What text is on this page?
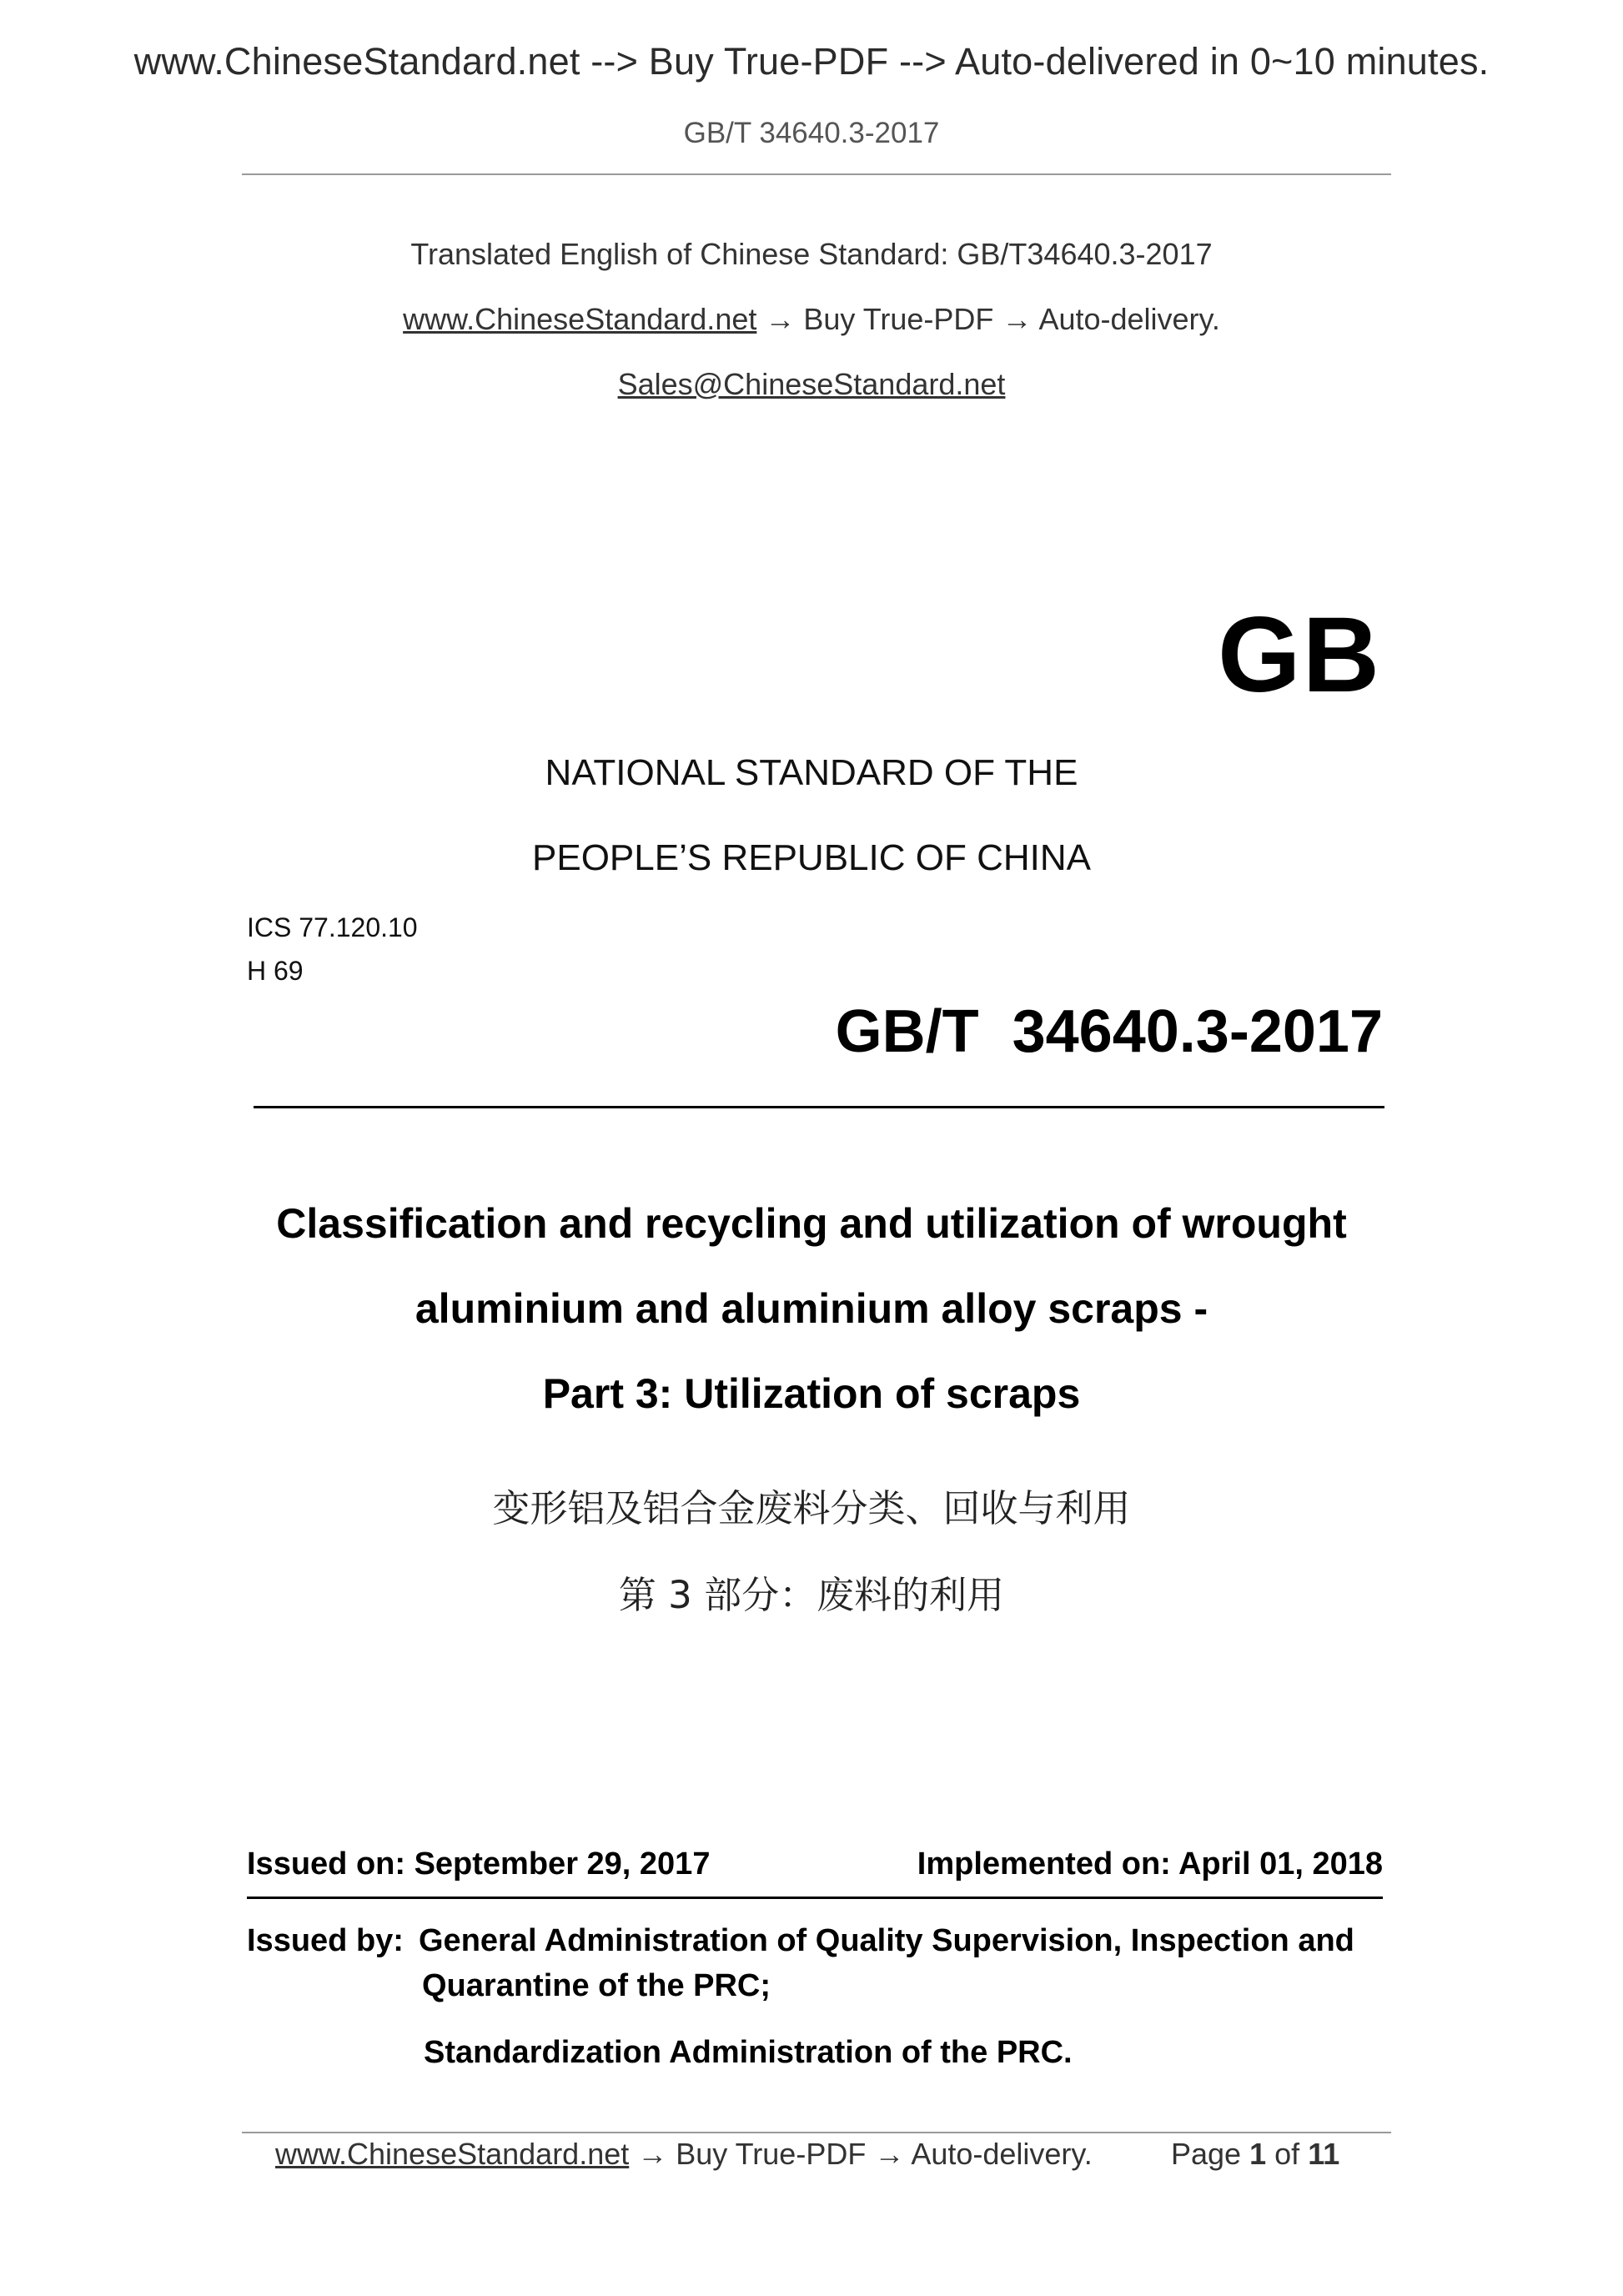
www.ChineseStandard.net --> Buy True-PDF --> Auto-delivered in 0~10 minutes.
GB/T 34640.3-2017
Translated English of Chinese Standard: GB/T34640.3-2017
www.ChineseStandard.net → Buy True-PDF → Auto-delivery.
Sales@ChineseStandard.net
GB
NATIONAL STANDARD OF THE
PEOPLE’S REPUBLIC OF CHINA
ICS 77.120.10
H 69
GB/T  34640.3-2017
Classification and recycling and utilization of wrought
aluminium and aluminium alloy scraps -
Part 3: Utilization of scraps
变形铝及铝合金废料分类、回收与利用
第 3 部分：废料的利用
Issued on: September 29, 2017	Implemented on: April 01, 2018
Issued by: General Administration of Quality Supervision, Inspection and
Quarantine of the PRC;
Standardization Administration of the PRC.
www.ChineseStandard.net → Buy True-PDF → Auto-delivery.	Page 1 of 11
